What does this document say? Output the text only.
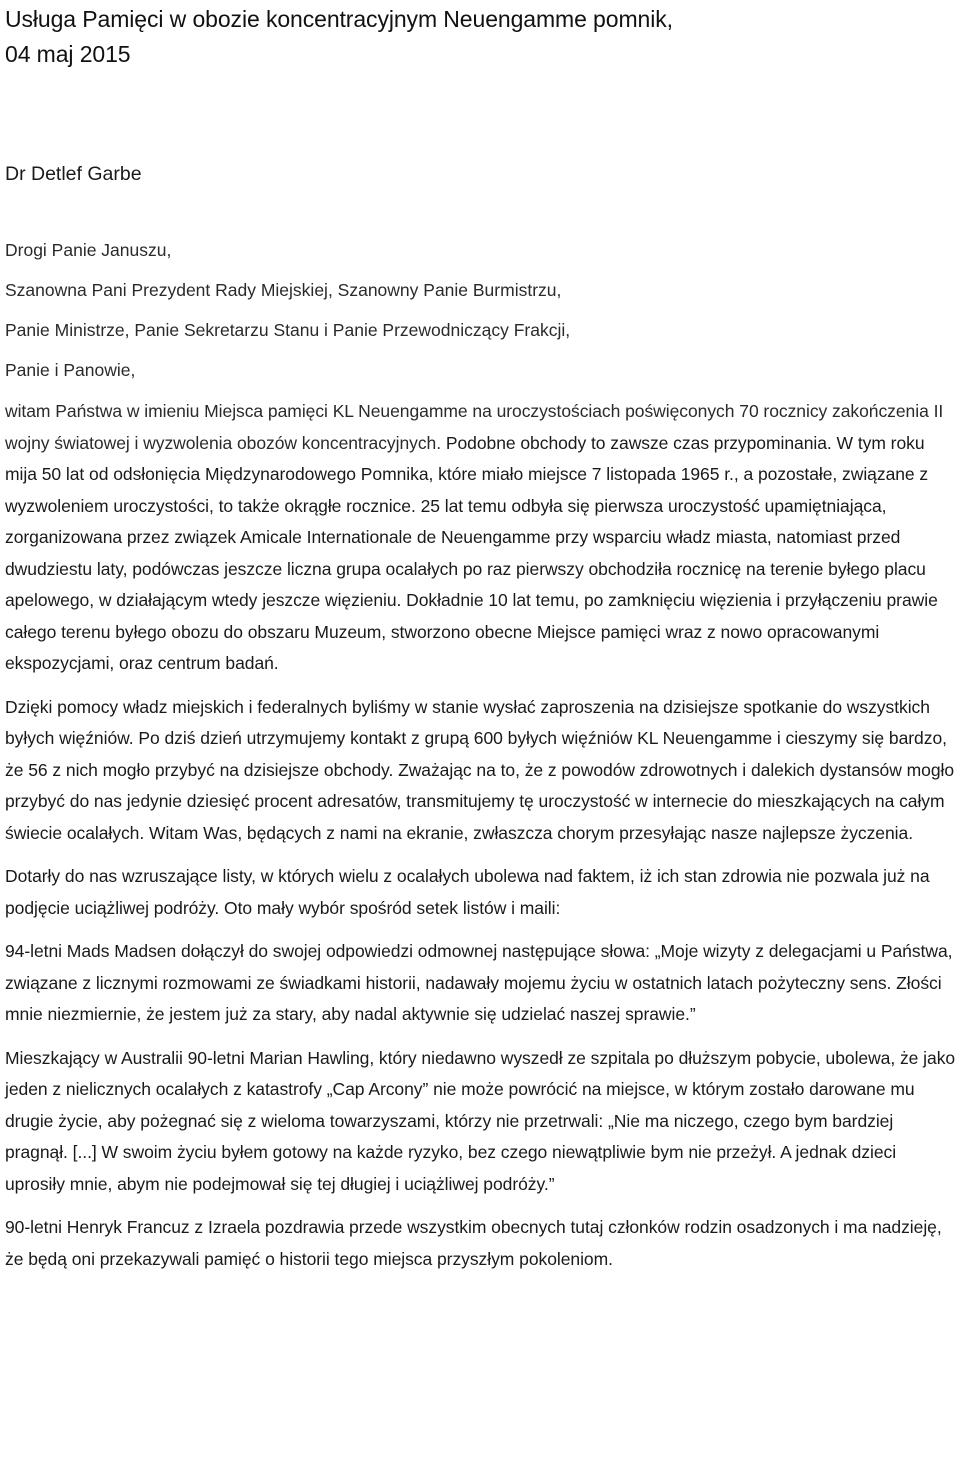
Usługa Pamięci w obozie koncentracyjnym Neuengamme pomnik,
04 maj 2015
Dr Detlef Garbe
Drogi Panie Januszu,
Szanowna Pani Prezydent Rady Miejskiej, Szanowny Panie Burmistrzu,
Panie Ministrze, Panie Sekretarzu Stanu i Panie Przewodniczący Frakcji,
Panie i Panowie,

witam Państwa w imieniu Miejsca pamięci KL Neuengamme na uroczystościach poświęconych 70 rocznicy zakończenia II wojny światowej i wyzwolenia obozów koncentracyjnych. Podobne obchody to zawsze czas przypominania. W tym roku mija 50 lat od odsłonięcia Międzynarodowego Pomnika, które miało miejsce 7 listopada 1965 r., a pozostałe, związane z wyzwoleniem uroczystości, to także okrągłe rocznice. 25 lat temu odbyła się pierwsza uroczystość upamiętniająca, zorganizowana przez związek Amicale Internationale de Neuengamme przy wsparciu władz miasta, natomiast przed dwudziestu laty, podówczas jeszcze liczna grupa ocalałych po raz pierwszy obchodziła rocznicę na terenie byłego placu apelowego, w działającym wtedy jeszcze więzieniu. Dokładnie 10 lat temu, po zamknięciu więzienia i przyłączeniu prawie całego terenu byłego obozu do obszaru Muzeum, stworzono obecne Miejsce pamięci wraz z nowo opracowanymi ekspozycjami, oraz centrum badań.

Dzięki pomocy władz miejskich i federalnych byliśmy w stanie wysłać zaproszenia na dzisiejsze spotkanie do wszystkich byłych więźniów. Po dziś dzień utrzymujemy kontakt z grupą 600 byłych więźniów KL Neuengamme i cieszymy się bardzo, że 56 z nich mogło przybyć na dzisiejsze obchody. Zważając na to, że z powodów zdrowotnych i dalekich dystansów mogło przybyć do nas jedynie dziesięć procent adresatów, transmitujemy tę uroczystość w internecie do mieszkających na całym świecie ocalałych. Witam Was, będących z nami na ekranie, zwłaszcza chorym przesyłając nasze najlepsze życzenia.

Dotarły do nas wzruszające listy, w których wielu z ocalałych ubolewa nad faktem, iż ich stan zdrowia nie pozwala już na podjęcie uciążliwej podróży. Oto mały wybór spośród setek listów i maili:

94-letni Mads Madsen dołączył do swojej odpowiedzi odmownej następujące słowa: „Moje wizyty z delegacjami u Państwa, związane z licznymi rozmowami ze świadkami historii, nadawały mojemu życiu w ostatnich latach pożyteczny sens. Złości mnie niezmiernie, że jestem już za stary, aby nadal aktywnie się udzielać naszej sprawie.”

Mieszkający w Australii 90-letni Marian Hawling, który niedawno wyszedł ze szpitala po dłuższym pobycie, ubolewa, że jako jeden z nielicznych ocalałych z katastrofy „Cap Arcony” nie może powrócić na miejsce, w którym zostało darowane mu drugie życie, aby pożegnać się z wieloma towarzyszami, którzy nie przetrwali: „Nie ma niczego, czego bym bardziej pragnął. [...] W swoim życiu byłem gotowy na każde ryzyko, bez czego niewątpliwie bym nie przeżył. A jednak dzieci uprosiły mnie, abym nie podejmował się tej długiej i uciążliwej podróży.”

90-letni Henryk Francuz z Izraela pozdrawia przede wszystkim obecnych tutaj członków rodzin osadzonych i ma nadzieję, że będą oni przekazywali pamięć o historii tego miejsca przyszłym pokoleniom.
